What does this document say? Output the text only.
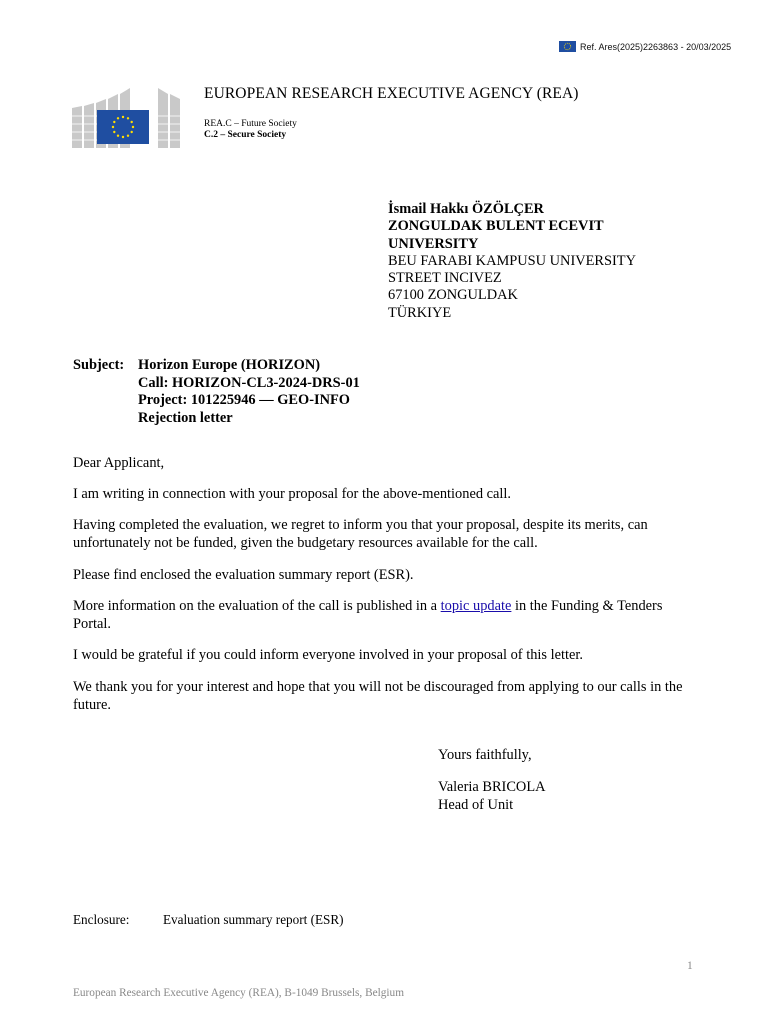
Ref. Ares(2025)2263863 - 20/03/2025
EUROPEAN RESEARCH EXECUTIVE AGENCY (REA)
REA.C – Future Society
C.2 – Secure Society
İsmail Hakkı ÖZÖLÇER
ZONGULDAK BULENT ECEVIT
UNIVERSITY
BEU FARABI KAMPUSU UNIVERSITY
STREET INCIVEZ
67100 ZONGULDAK
TÜRKIYE
Subject: Horizon Europe (HORIZON)
Call: HORIZON-CL3-2024-DRS-01
Project: 101225946 — GEO-INFO
Rejection letter
Dear Applicant,
I am writing in connection with your proposal for the above-mentioned call.
Having completed the evaluation, we regret to inform you that your proposal, despite its merits, can unfortunately not be funded, given the budgetary resources available for the call.
Please find enclosed the evaluation summary report (ESR).
More information on the evaluation of the call is published in a topic update in the Funding & Tenders Portal.
I would be grateful if you could inform everyone involved in your proposal of this letter.
We thank you for your interest and hope that you will not be discouraged from applying to our calls in the future.
Yours faithfully,
Valeria BRICOLA
Head of Unit
Enclosure:	Evaluation summary report (ESR)
1
European Research Executive Agency (REA), B-1049 Brussels, Belgium
